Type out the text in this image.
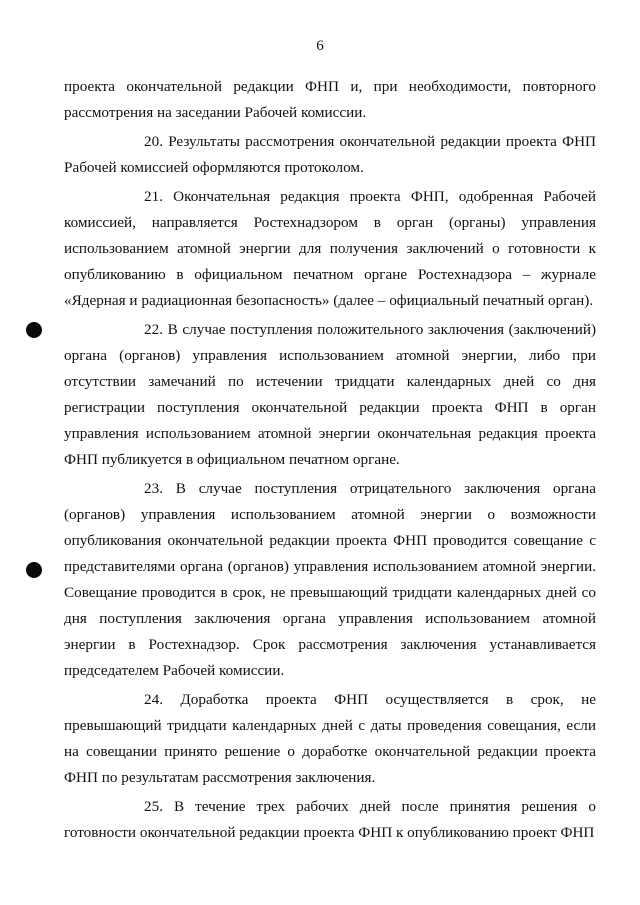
6

проекта окончательной редакции ФНП и, при необходимости, повторного рассмотрения на заседании Рабочей комиссии.

20. Результаты рассмотрения окончательной редакции проекта ФНП Рабочей комиссией оформляются протоколом.

21. Окончательная редакция проекта ФНП, одобренная Рабочей комиссией, направляется Ростехнадзором в орган (органы) управления использованием атомной энергии для получения заключений о готовности к опубликованию в официальном печатном органе Ростехнадзора – журнале «Ядерная и радиационная безопасность» (далее – официальный печатный орган).

22. В случае поступления положительного заключения (заключений) органа (органов) управления использованием атомной энергии, либо при отсутствии замечаний по истечении тридцати календарных дней со дня регистрации поступления окончательной редакции проекта ФНП в орган управления использованием атомной энергии окончательная редакция проекта ФНП публикуется в официальном печатном органе.

23. В случае поступления отрицательного заключения органа (органов) управления использованием атомной энергии о возможности опубликования окончательной редакции проекта ФНП проводится совещание с представителями органа (органов) управления использованием атомной энергии. Совещание проводится в срок, не превышающий тридцати календарных дней со дня поступления заключения органа управления использованием атомной энергии в Ростехнадзор. Срок рассмотрения заключения устанавливается председателем Рабочей комиссии.

24. Доработка проекта ФНП осуществляется в срок, не превышающий тридцати календарных дней с даты проведения совещания, если на совещании принято решение о доработке окончательной редакции проекта ФНП по результатам рассмотрения заключения.

25. В течение трех рабочих дней после принятия решения о готовности окончательной редакции проекта ФНП к опубликованию проект ФНП
